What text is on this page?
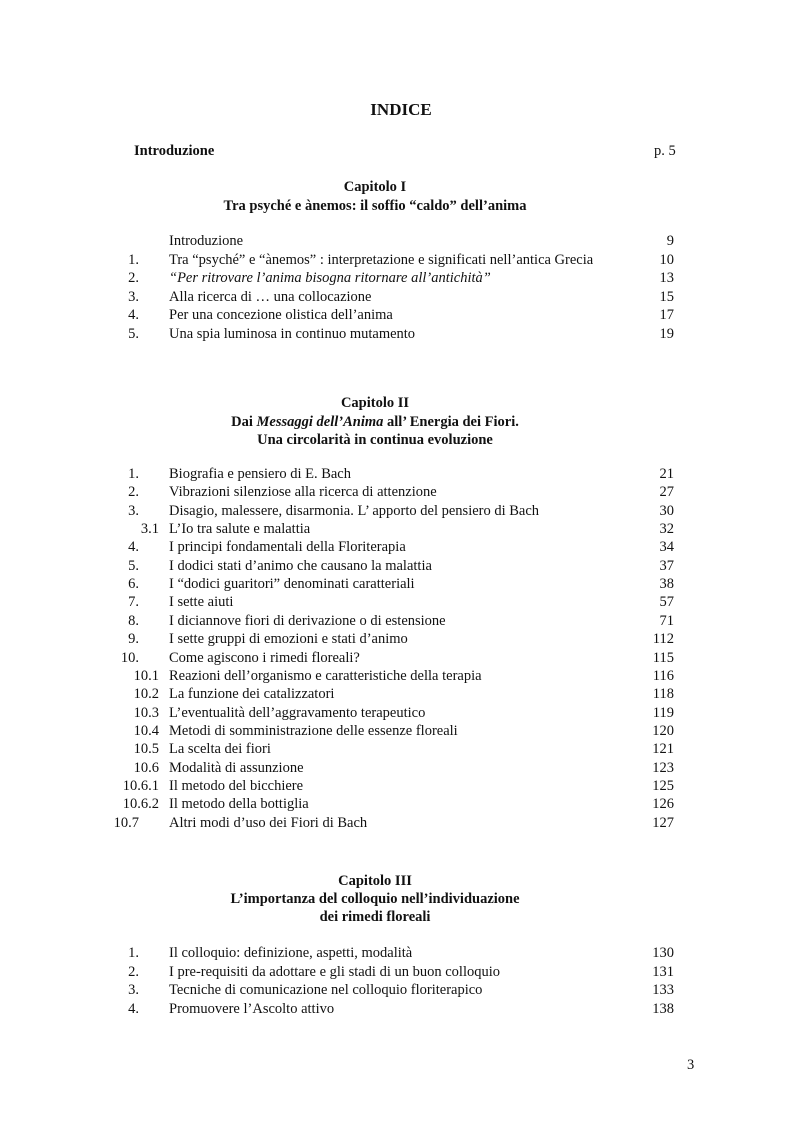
INDICE
Introduzione	p. 5
Capitolo I
Tra psyché e ànemos: il soffio “caldo” dell’anima
Introduzione	9
1. Tra “psyché” e “ànemos” : interpretazione e significati nell’antica Grecia	10
2. “Per ritrovare l’anima bisogna ritornare all’antichità”	13
3. Alla ricerca di … una collocazione	15
4. Per una concezione olistica dell’anima	17
5. Una spia luminosa in continuo mutamento	19
Capitolo II
Dai Messaggi dell’Anima all’ Energia dei Fiori.
Una circolarità in continua evoluzione
1. Biografia e pensiero di E. Bach	21
2. Vibrazioni silenziose alla ricerca di attenzione	27
3. Disagio, malessere, disarmonia. L’ apporto del pensiero di Bach	30
3.1 L’Io tra salute e malattia	32
4. I principi fondamentali della Floriterapia	34
5. I dodici stati d’animo che causano la malattia	37
6. I “dodici guaritori” denominati caratteriali	38
7. I sette aiuti	57
8. I diciannove fiori di derivazione o di estensione	71
9. I sette gruppi di emozioni e stati d’animo	112
10. Come agiscono i rimedi floreali?	115
10.1 Reazioni dell’organismo e caratteristiche della terapia	116
10.2 La funzione dei catalizzatori	118
10.3 L’eventualità dell’aggravamento terapeutico	119
10.4 Metodi di somministrazione delle essenze floreali	120
10.5 La scelta dei fiori	121
10.6 Modalità di assunzione	123
10.6.1 Il metodo del bicchiere	125
10.6.2 Il metodo della bottiglia	126
10.7 Altri modi d’uso dei Fiori di Bach	127
Capitolo III
L’importanza del colloquio nell’individuazione
dei rimedi floreali
1. Il colloquio: definizione, aspetti, modalità	130
2. I pre-requisiti da adottare e gli stadi di un buon colloquio	131
3. Tecniche di comunicazione nel colloquio floriterapico	133
4. Promuovere l’Ascolto attivo	138
3
